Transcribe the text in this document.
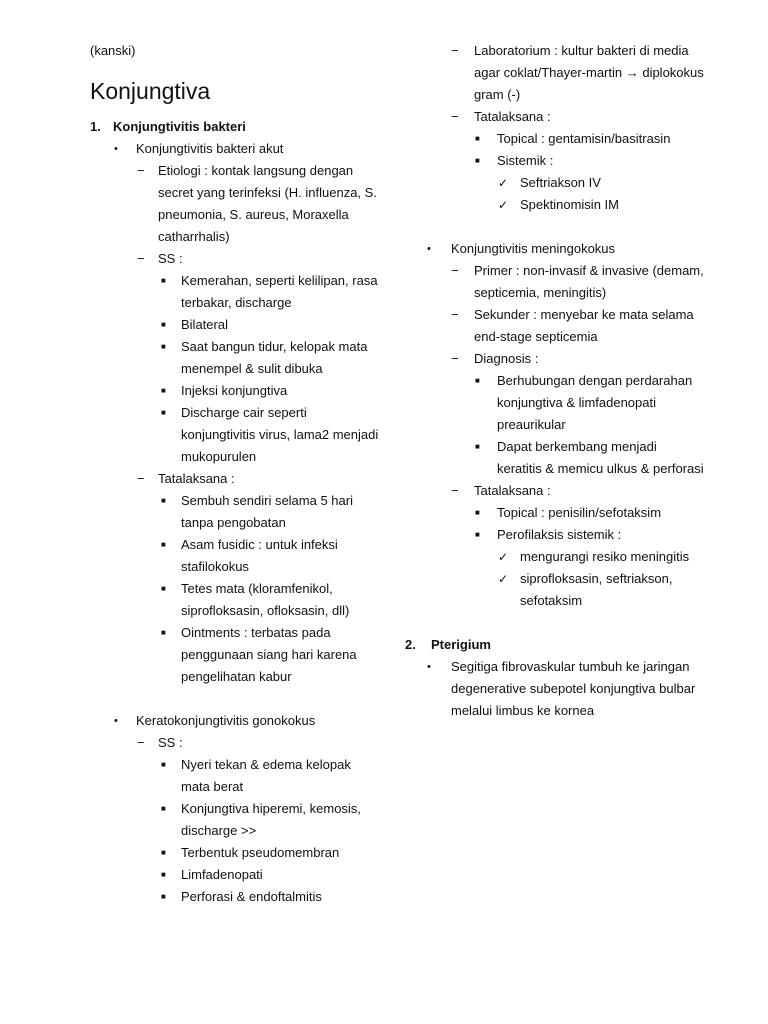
(kanski)
Konjungtiva
1. Konjungtivitis bakteri
• Konjungtivitis bakteri akut
− Etiologi : kontak langsung dengan secret yang terinfeksi (H. influenza, S. pneumonia, S. aureus, Moraxella catharrhalis)
− SS :
■ Kemerahan, seperti kelilipan, rasa terbakar, discharge
■ Bilateral
■ Saat bangun tidur, kelopak mata menempel & sulit dibuka
■ Injeksi konjungtiva
■ Discharge cair seperti konjungtivitis virus, lama2 menjadi mukopurulen
− Tatalaksana :
■ Sembuh sendiri selama 5 hari tanpa pengobatan
■ Asam fusidic : untuk infeksi stafilokokus
■ Tetes mata (kloramfenikol, siprofloksasin, ofloksasin, dll)
■ Ointments : terbatas pada penggunaan siang hari karena pengelihatan kabur
• Keratokonjungtivitis gonokokus
− SS :
■ Nyeri tekan & edema kelopak mata berat
■ Konjungtiva hiperemi, kemosis, discharge >>
■ Terbentuk pseudomembran
■ Limfadenopati
■ Perforasi & endoftalmitis
− Laboratorium : kultur bakteri di media agar coklat/Thayer-martin → diplokokus gram (-)
− Tatalaksana :
■ Topical : gentamisin/basitrasin
■ Sistemik :
✓ Seftriakson IV
✓ Spektinomisin IM
• Konjungtivitis meningokokus
− Primer : non-invasif & invasive (demam, septicemia, meningitis)
− Sekunder : menyebar ke mata selama end-stage septicemia
− Diagnosis :
■ Berhubungan dengan perdarahan konjungtiva & limfadenopati preaurikular
■ Dapat berkembang menjadi keratitis & memicu ulkus & perforasi
− Tatalaksana :
■ Topical : penisilin/sefotaksim
■ Perofilaksis sistemik :
✓ mengurangi resiko meningitis
✓ siprofloksasin, seftriakson, sefotaksim
2. Pterigium
• Segitiga fibrovaskular tumbuh ke jaringan degenerative subepotel konjungtiva bulbar melalui limbus ke kornea
